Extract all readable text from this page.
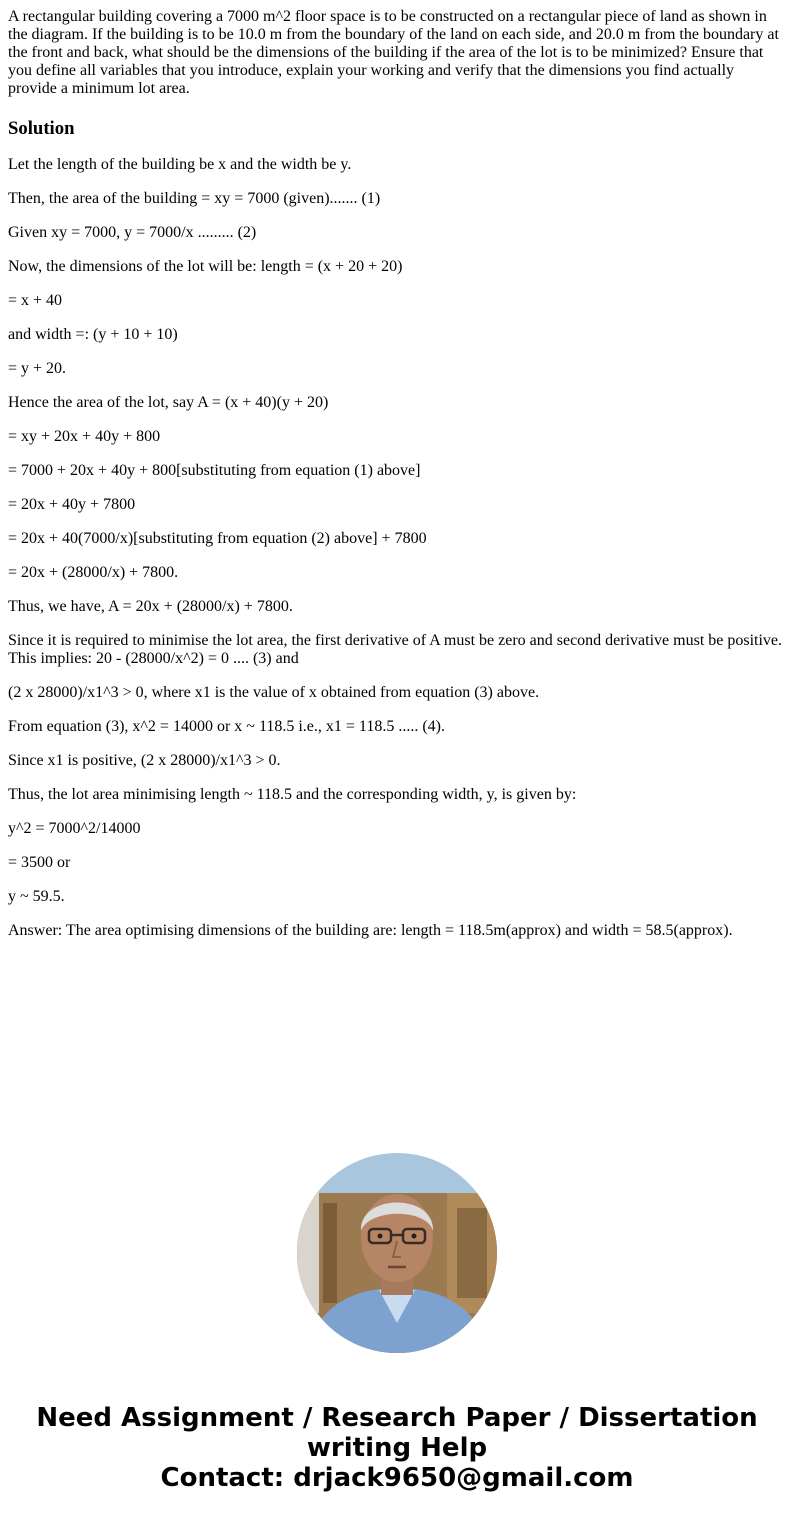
A rectangular building covering a 7000 m^2 floor space is to be constructed on a rectangular piece of land as shown in the diagram. If the building is to be 10.0 m from the boundary of the land on each side, and 20.0 m from the boundary at the front and back, what should be the dimensions of the building if the area of the lot is to be minimized? Ensure that you define all variables that you introduce, explain your working and verify that the dimensions you find actually provide a minimum lot area.

Solution

Let the length of the building be x and the width be y.

Then, the area of the building = xy = 7000 (given)....... (1)

Given xy = 7000, y = 7000/x ......... (2)

Now, the dimensions of the lot will be: length = (x + 20 + 20)

= x + 40

and width =: (y + 10 + 10)

= y + 20.

Hence the area of the lot, say A = (x + 40)(y + 20)

= xy + 20x + 40y + 800

= 7000 + 20x + 40y + 800[substituting from equation (1) above]

= 20x + 40y + 7800

= 20x + 40(7000/x)[substituting from equation (2) above] + 7800

= 20x + (28000/x) + 7800.

Thus, we have, A = 20x + (28000/x) + 7800.

Since it is required to minimise the lot area, the first derivative of A must be zero and second derivative must be positive. This implies: 20 - (28000/x^2) = 0 .... (3) and

(2 x 28000)/x1^3 > 0, where x1 is the value of x obtained from equation (3) above.

From equation (3), x^2 = 14000 or x ~ 118.5 i.e., x1 = 118.5 ..... (4).

Since x1 is positive, (2 x 28000)/x1^3 > 0.

Thus, the lot area minimising length ~ 118.5 and the corresponding width, y, is given by:

y^2 = 7000^2/14000

= 3500 or

y ~ 59.5.

Answer: The area optimising dimensions of the building are: length = 118.5m(approx) and width = 58.5(approx).

Need Assignment / Research Paper / Dissertation
writing Help
Contact: drjack9650@gmail.com
